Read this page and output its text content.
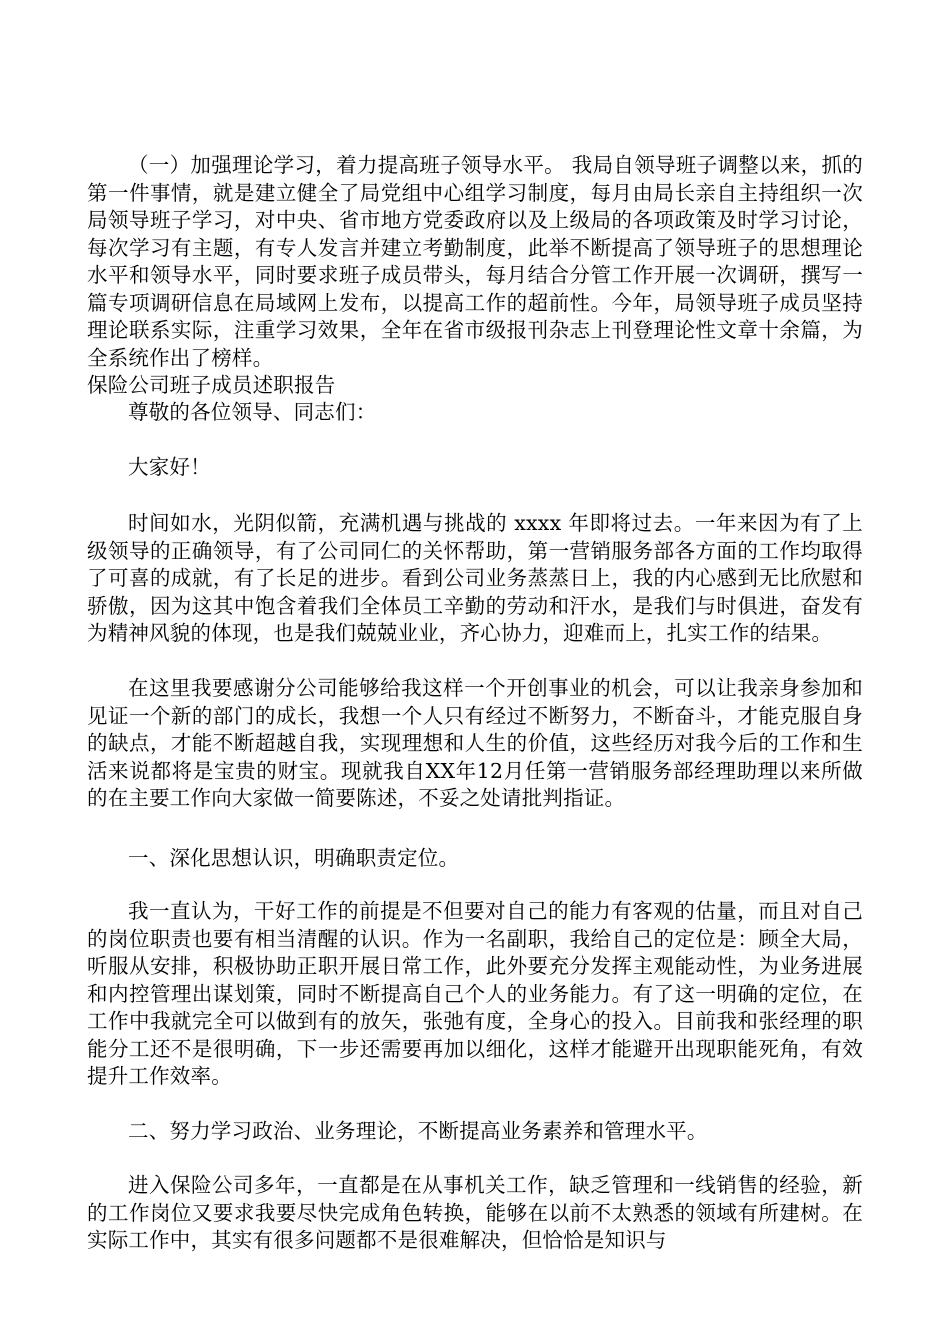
（一）加强理论学习，着力提高班子领导水平。 我局自领导班子调整以来，抓的第一件事情，就是建立健全了局党组中心组学习制度，每月由局长亲自主持组织一次局领导班子学习，对中央、省市地方党委政府以及上级局的各项政策及时学习讨论，每次学习有主题，有专人发言并建立考勤制度，此举不断提高了领导班子的思想理论水平和领导水平，同时要求班子成员带头，每月结合分管工作开展一次调研，撰写一篇专项调研信息在局域网上发布，以提高工作的超前性。今年，局领导班子成员坚持理论联系实际，注重学习效果，全年在省市级报刊杂志上刊登理论性文章十余篇，为全系统作出了榜样。

保险公司班子成员述职报告

尊敬的各位领导、同志们：

大家好！

时间如水，光阴似箭，充满机遇与挑战的 xxxx 年即将过去。一年来因为有了上级领导的正确领导，有了公司同仁的关怀帮助，第一营销服务部各方面的工作均取得了可喜的成就，有了长足的进步。看到公司业务蒸蒸日上，我的内心感到无比欣慰和骄傲，因为这其中饱含着我们全体员工辛勤的劳动和汗水，是我们与时俱进，奋发有为精神风貌的体现，也是我们兢兢业业，齐心协力，迎难而上，扎实工作的结果。

在这里我要感谢分公司能够给我这样一个开创事业的机会，可以让我亲身参加和见证一个新的部门的成长，我想一个人只有经过不断努力，不断奋斗，才能克服自身的缺点，才能不断超越自我，实现理想和人生的价值，这些经历对我今后的工作和生活来说都将是宝贵的财宝。现就我自XX年12月任第一营销服务部经理助理以来所做的在主要工作向大家做一简要陈述，不妥之处请批判指证。

一、深化思想认识，明确职责定位。

我一直认为，干好工作的前提是不但要对自己的能力有客观的估量，而且对自己的岗位职责也要有相当清醒的认识。作为一名副职，我给自己的定位是：顾全大局，听服从安排，积极协助正职开展日常工作，此外要充分发挥主观能动性，为业务进展和内控管理出谋划策，同时不断提高自己个人的业务能力。有了这一明确的定位，在工作中我就完全可以做到有的放矢，张弛有度，全身心的投入。目前我和张经理的职能分工还不是很明确，下一步还需要再加以细化，这样才能避开出现职能死角，有效提升工作效率。

二、努力学习政治、业务理论，不断提高业务素养和管理水平。

进入保险公司多年，一直都是在从事机关工作，缺乏管理和一线销售的经验，新的工作岗位又要求我要尽快完成角色转换，能够在以前不太熟悉的领域有所建树。在实际工作中，其实有很多问题都不是很难解决，但恰恰是知识与
